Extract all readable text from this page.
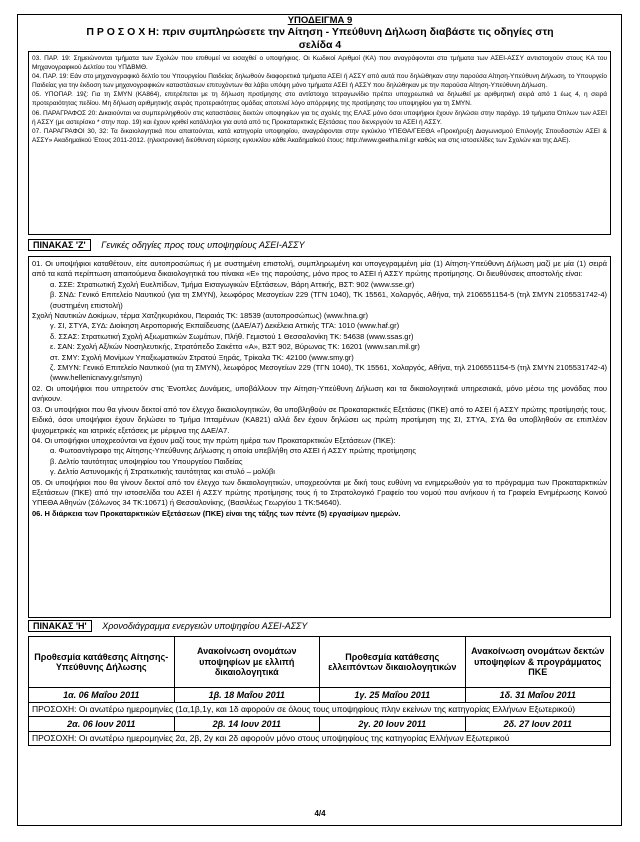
ΥΠΟΔΕΙΓΜΑ 9
Π Ρ Ο Σ Ο Χ Η: πριν συμπληρώσετε την Αίτηση - Υπεύθυνη Δήλωση διαβάστε τις οδηγίες στη
σελίδα 4

03. ΠΑΡ. 19: Σημειώνονται τμήματα των Σχολών που επιθυμεί να εισαχθεί ο υποψήφιος. Οι Κωδικοί Αριθμοί (ΚΑ) που αναγράφονται στα τμήματα των ΑΣΕΙ-ΑΣΣΥ αντιστοιχούν στους ΚΑ του Μηχανογραφικού Δελτίου του ΥΠΔΒΜΘ.

04. ΠΑΡ. 19: Εάν στο μηχανογραφικό δελτίο του Υπουργείου Παιδείας δηλωθούν διαφορετικά τμήματα ΑΣΕΙ ή ΑΣΣΥ από αυτά που δηλώθηκαν στην παρούσα Αίτηση-Υπεύθυνη Δήλωση, το Υπουργείο Παιδείας για την έκδοση των μηχανογραφικών καταστάσεων επιτυχόντων θα λάβει υπόψη μόνο τμήματα ΑΣΕΙ ή ΑΣΣΥ που δηλώθηκαν με την παρούσα Αίτηση-Υπεύθυνη Δήλωση.

05. ΥΠΟΠΑΡ. 19ζ: Για τη ΣΜΥΝ (ΚΑ864), επιτρέπεται με τη δήλωση προτίμησης στο αντίστοιχο τετραγωνίδιο πρέπει υποχρεωτικά να δηλωθεί με αριθμητική σειρά από 1 έως 4, η σειρά προτεραιότητας πεδίου. Μη δήλωση αριθμητικής σειράς προτεραιότητας ομάδας αποτελεί λόγο απόρριψης της προτίμησης του υποψηφίου για τη ΣΜΥΝ.

06. ΠΑΡΑΓΡΑΦΟΣ 20: Δικαιούνται να συμπεριληφθούν στις καταστάσεις δεκτών υποψηφίων για τις σχολές της ΕΛΑΣ μόνο όσοι υποψήφιοι έχουν δηλώσει στην παράγρ. 19 τμήματα Όπλων των ΑΣΕΙ ή ΑΣΣΥ (με αστερίσκο * στην παρ. 19) και έχουν κριθεί κατάλληλοι για αυτά από τις Προκαταρκτικές Εξετάσεις που διενεργούν τα ΑΣΕΙ ή ΑΣΣΥ.

07. ΠΑΡΑΓΡΑΦΟΙ 30, 32: Τα δικαιολογητικά που απαιτούνται, κατά κατηγορία υποψηφίου, αναγράφονται στην εγκύκλιο ΥΠΕΘΑ/ΓΕΕΘΑ «Προκήρυξη Διαγωνισμού Επιλογής Σπουδαστών ΑΣΕΙ & ΑΣΣΥ» Ακαδημαϊκού Έτους 2011-2012. (ηλεκτρονική διεύθυνση εύρεσης εγκυκλίου κάθε Ακαδημαϊκού έτους: http://www.geetha.mil.gr καθώς και στις ιστοσελίδες των Σχολών και της ΔΑΕ).

ΠΙΝΑΚΑΣ 'Ζ' Γενικές οδηγίες προς τους υποψηφίους ΑΣΕΙ-ΑΣΣΥ

01. Οι υποψήφιοι καταθέτουν, είτε αυτοπροσώπως ή με συστημένη επιστολή, συμπληρωμένη και υπογεγραμμένη μία (1) Αίτηση-Υπεύθυνη Δήλωση μαζί με μία (1) σειρά από τα κατά περίπτωση απαιτούμενα δικαιολογητικά του πίνακα «Ε» της παρούσης, μόνο προς το ΑΣΕΙ ή ΑΣΣΥ πρώτης προτίμησης. Οι διευθύνσεις αποστολής είναι:

α. ΣΣΕ: Στρατιωτική Σχολή Ευελπίδων, Τμήμα Εισαγωγικών Εξετάσεων, Βάρη Αττικής, ΒΣΤ: 902 (www.sse.gr)

β. ΣΝΔ: Γενικό Επιτελείο Ναυτικού (για τη ΣΜΥΝ), λεωφόρος Μεσογείων 229 (ΤΓΝ 1040), ΤΚ 15561, Χολαργός, Αθήνα, τηλ 2106551154-5 (τηλ ΣΜΥΝ 2105531742-4) (συστημένη επιστολή)

Σχολή Ναυτικών Δοκίμων, τέρμα Χατζηκυριάκου, Πειραιάς ΤΚ: 18539 (αυτοπροσώπως) (www.hna.gr)

γ. ΣΙ, ΣΤΥΑ, ΣΥΔ: Διοίκηση Αεροπορικής Εκπαίδευσης (ΔΑΕ/Α7) Δεκέλεια Αττικής ΤΓΑ: 1010 (www.haf.gr)

δ. ΣΣΑΣ: Στρατιωτική Σχολή Αξιωματικών Σωμάτων, Πλήθ. Γεμιστού 1 Θεσσαλονίκη ΤΚ: 54638 (www.ssas.gr)

ε. ΣΑΝ: Σχολή Αξ/κών Νοσηλευτικής, Στρατόπεδο Σακέττα «Α», ΒΣΤ 902, Βύρωνας ΤΚ: 16201 (www.san.mil.gr)

στ. ΣΜΥ: Σχολή Μονίμων Υπαξιωματικών Στρατού Ξηράς, Τρίκαλα ΤΚ: 42100 (www.smy.gr)

ζ. ΣΜΥΝ: Γενικό Επιτελείο Ναυτικού (για τη ΣΜΥΝ), λεωφόρος Μεσογείων 229 (ΤΓΝ 1040), ΤΚ 15561, Χολαργός, Αθήνα, τηλ 2106551154-5 (τηλ ΣΜΥΝ 2105531742-4) (www.hellenicnavy.gr/smyn)

02. Οι υποψήφιοι που υπηρετούν στις Ένοπλες Δυνάμεις, υποβάλλουν την Αίτηση-Υπεύθυνη Δήλωση και τα δικαιολογητικά υπηρεσιακά, μόνο μέσω της μονάδας που ανήκουν.

03. Οι υποψήφιοι που θα γίνουν δεκτοί από τον έλεγχο δικαιολογητικών, θα υποβληθούν σε Προκαταρκτικές Εξετάσεις (ΠΚΕ) από το ΑΣΕΙ ή ΑΣΣΥ πρώτης προτίμησής τους. Ειδικά, όσοι υποψήφιοι έχουν δηλώσει το Τμήμα Ιπταμένων (ΚΑ821) αλλά δεν έχουν δηλώσει ως πρώτη προτίμηση της ΣΙ, ΣΤΥΑ, ΣΥΔ θα υποβληθούν σε επιπλέον ψυχομετρικές και ιατρικές εξετάσεις με μέριμνα της ΔΑΕ/Α7.

04. Οι υποψήφιοι υποχρεούνται να έχουν μαζί τους την πρώτη ημέρα των Προκαταρκτικών Εξετάσεων (ΠΚΕ):

α. Φωτοαντίγραφο της Αίτησης-Υπεύθυνης Δήλωσης η οποία υπεβλήθη στο ΑΣΕΙ ή ΑΣΣΥ πρώτης προτίμησης

β. Δελτίο ταυτότητας υποψηφίου του Υπουργείου Παιδείας

γ. Δελτίο Αστυνομικής ή Στρατιωτικής ταυτότητας και στυλό – μολύβι

05. Οι υποψήφιοι που θα γίνουν δεκτοί από τον έλεγχο των δικαιολογητικών, υποχρεούνται με δική τους ευθύνη να ενημερωθούν για το πρόγραμμα των Προκαταρκτικών Εξετάσεων (ΠΚΕ) από την ιστοσελίδα του ΑΣΕΙ ή ΑΣΣΥ πρώτης προτίμησης τους ή το Στρατολογικό Γραφείο του νομού που ανήκουν ή τα Γραφεία Ενημέρωσης Κοινού ΥΠΕΘΑ Αθηνών (Σόλωνος 34 ΤΚ:10671) ή Θεσσαλονίκης, (Βασιλέως Γεωργίου 1 ΤΚ:54640).

06. Η διάρκεια των Προκαταρκτικών Εξετάσεων (ΠΚΕ) είναι της τάξης των πέντε (5) εργασίμων ημερών.

ΠΙΝΑΚΑΣ 'Η' Χρονοδιάγραμμα ενεργειών υποψηφίου ΑΣΕΙ-ΑΣΣΥ
Προθεσμία κατάθεσης Αίτησης-Υπεύθυνης Δήλωσης	Ανακοίνωση ονομάτων υποψηφίων με ελλιπή δικαιολογητικά	Προθεσμία κατάθεσης ελλειπόντων δικαιολογητικών	Ανακοίνωση ονομάτων δεκτών υποψηφίων & προγράμματος ΠΚΕ
1α. 06 Μαΐου 2011	1β. 18 Μαΐου 2011	1γ. 25 Μαΐου 2011	1δ. 31 Μαΐου 2011
ΠΡΟΣΟΧΗ: Οι ανωτέρω ημερομηνίες (1α,1β,1γ, και 1δ αφορούν σε όλους τους υποψηφίους πλην εκείνων της κατηγορίας Ελλήνων Εξωτερικού)			
2α. 06 Ιουν 2011	2β. 14 Ιουν 2011	2γ. 20 Ιουν 2011	2δ. 27 Ιουν 2011
ΠΡΟΣΟΧΗ: Οι ανωτέρω ημερομηνίες 2α, 2β, 2γ και 2δ αφορούν μόνο στους υποψηφίους της κατηγορίας Ελλήνων Εξωτερικού			
4/4
